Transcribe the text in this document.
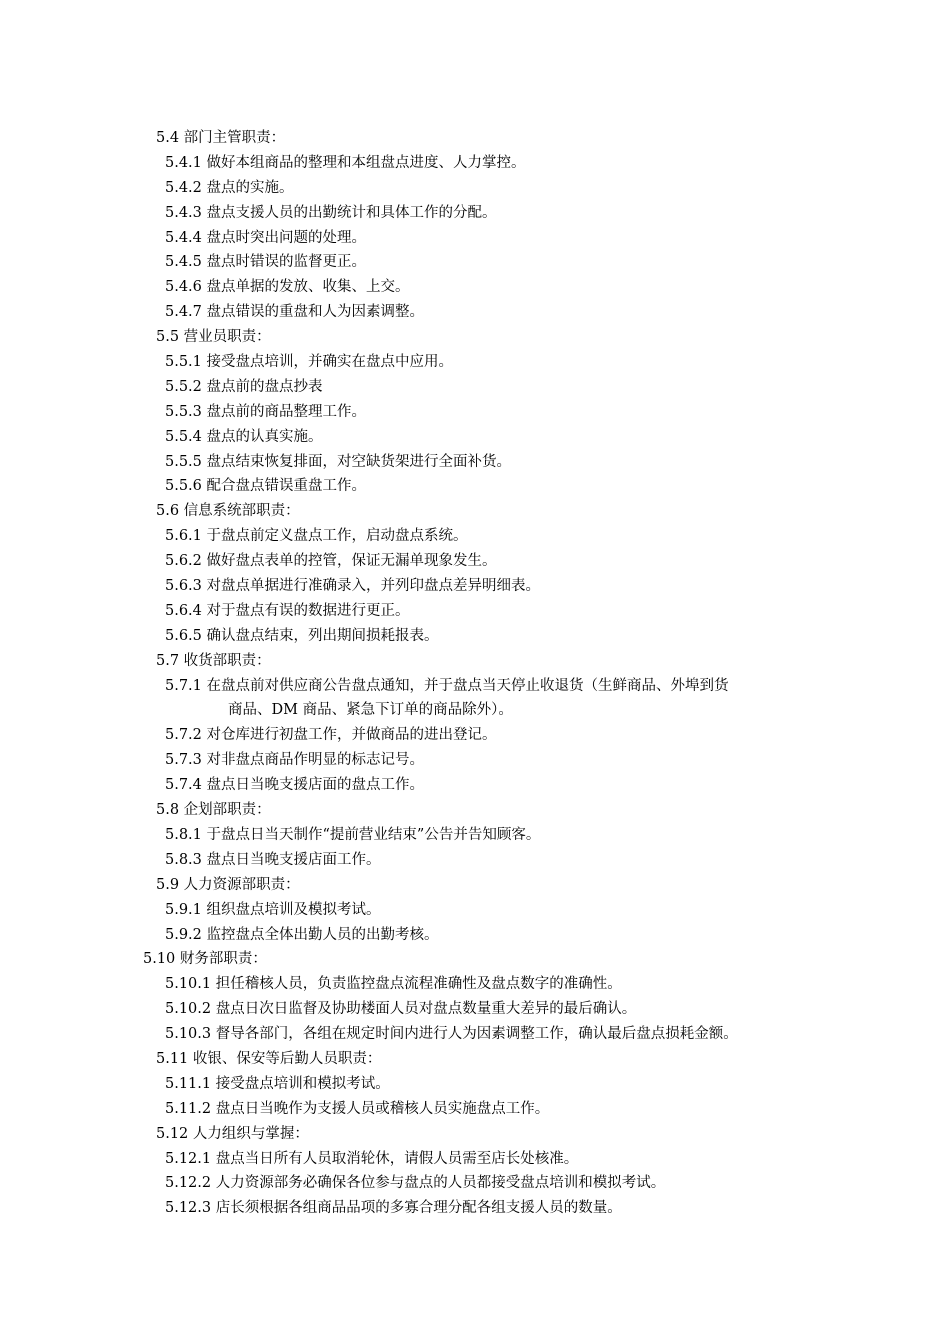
5.4 部门主管职责：
5.4.1 做好本组商品的整理和本组盘点进度、人力掌控。
5.4.2 盘点的实施。
5.4.3 盘点支援人员的出勤统计和具体工作的分配。
5.4.4 盘点时突出问题的处理。
5.4.5 盘点时错误的监督更正。
5.4.6 盘点单据的发放、收集、上交。
5.4.7 盘点错误的重盘和人为因素调整。
5.5 营业员职责：
5.5.1 接受盘点培训，并确实在盘点中应用。
5.5.2 盘点前的盘点抄表
5.5.3 盘点前的商品整理工作。
5.5.4 盘点的认真实施。
5.5.5 盘点结束恢复排面，对空缺货架进行全面补货。
5.5.6 配合盘点错误重盘工作。
5.6 信息系统部职责：
5.6.1 于盘点前定义盘点工作，启动盘点系统。
5.6.2 做好盘点表单的控管，保证无漏单现象发生。
5.6.3 对盘点单据进行准确录入，并列印盘点差异明细表。
5.6.4 对于盘点有误的数据进行更正。
5.6.5 确认盘点结束，列出期间损耗报表。
5.7 收货部职责：
5.7.1 在盘点前对供应商公告盘点通知，并于盘点当天停止收退货（生鲜商品、外埠到货
商品、DM 商品、紧急下订单的商品除外）。
5.7.2 对仓库进行初盘工作，并做商品的进出登记。
5.7.3 对非盘点商品作明显的标志记号。
5.7.4 盘点日当晚支援店面的盘点工作。
5.8 企划部职责：
5.8.1 于盘点日当天制作“提前营业结束”公告并告知顾客。
5.8.3 盘点日当晚支援店面工作。
5.9 人力资源部职责：
5.9.1 组织盘点培训及模拟考试。
5.9.2 监控盘点全体出勤人员的出勤考核。
5.10 财务部职责：
5.10.1 担任稽核人员，负责监控盘点流程准确性及盘点数字的准确性。
5.10.2 盘点日次日监督及协助楼面人员对盘点数量重大差异的最后确认。
5.10.3 督导各部门，各组在规定时间内进行人为因素调整工作，确认最后盘点损耗金额。
5.11 收银、保安等后勤人员职责：
5.11.1 接受盘点培训和模拟考试。
5.11.2 盘点日当晚作为支援人员或稽核人员实施盘点工作。
5.12 人力组织与掌握：
5.12.1 盘点当日所有人员取消轮休，请假人员需至店长处核准。
5.12.2 人力资源部务必确保各位参与盘点的人员都接受盘点培训和模拟考试。
5.12.3 店长须根据各组商品品项的多寡合理分配各组支援人员的数量。
